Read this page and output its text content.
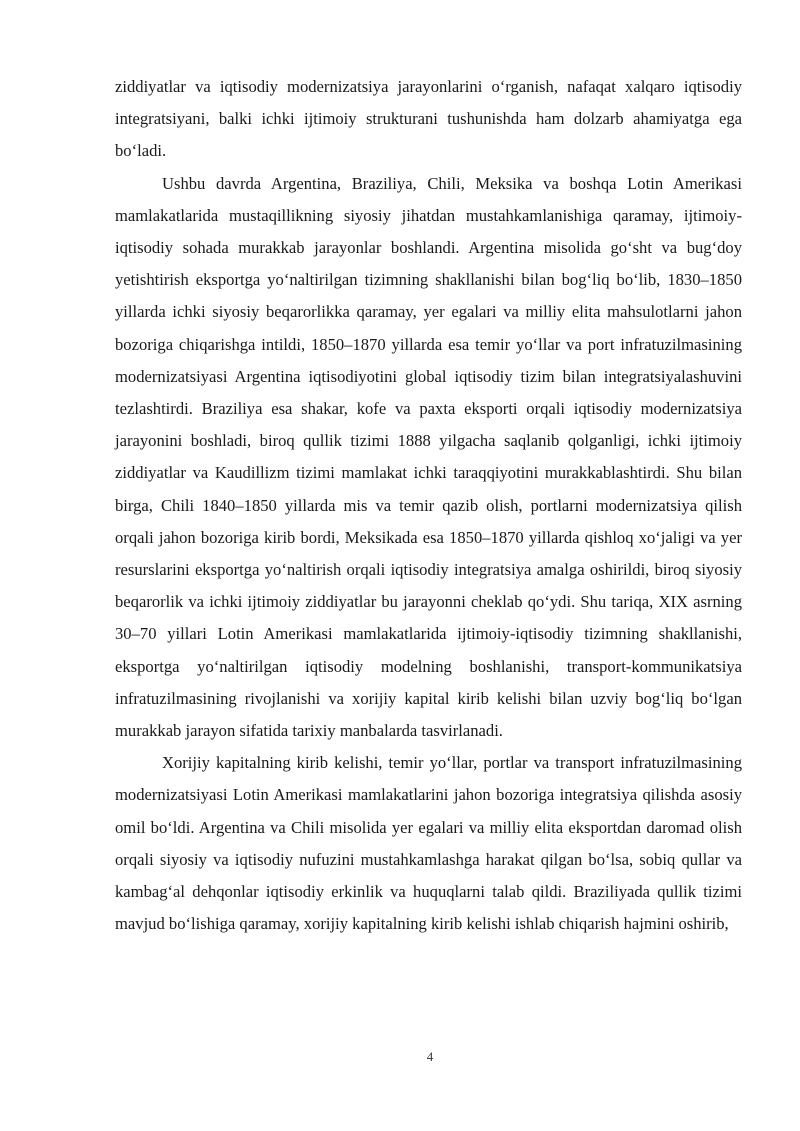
ziddiyatlar va iqtisodiy modernizatsiya jarayonlarini o‘rganish, nafaqat xalqaro iqtisodiy integratsiyani, balki ichki ijtimoiy strukturani tushunishda ham dolzarb ahamiyatga ega bo‘ladi.

Ushbu davrda Argentina, Braziliya, Chili, Meksika va boshqa Lotin Amerikasi mamlakatlarida mustaqillikning siyosiy jihatdan mustahkamlanishiga qaramay, ijtimoiy-iqtisodiy sohada murakkab jarayonlar boshlandi. Argentina misolida go‘sht va bug‘doy yetishtirish eksportga yo‘naltirilgan tizimning shakllanishi bilan bog‘liq bo‘lib, 1830–1850 yillarda ichki siyosiy beqarorlikka qaramay, yer egalari va milliy elita mahsulotlarni jahon bozoriga chiqarishga intildi, 1850–1870 yillarda esa temir yo‘llar va port infratuzilmasining modernizatsiyasi Argentina iqtisodiyotini global iqtisodiy tizim bilan integratsiyalashuvini tezlashtirdi. Braziliya esa shakar, kofe va paxta eksporti orqali iqtisodiy modernizatsiya jarayonini boshladi, biroq qullik tizimi 1888 yilgacha saqlanib qolganligi, ichki ijtimoiy ziddiyatlar va Kaudillizm tizimi mamlakat ichki taraqqiyotini murakkablashtirdi. Shu bilan birga, Chili 1840–1850 yillarda mis va temir qazib olish, portlarni modernizatsiya qilish orqali jahon bozoriga kirib bordi, Meksikada esa 1850–1870 yillarda qishloq xo‘jaligi va yer resurslarini eksportga yo‘naltirish orqali iqtisodiy integratsiya amalga oshirildi, biroq siyosiy beqarorlik va ichki ijtimoiy ziddiyatlar bu jarayonni cheklab qo‘ydi. Shu tariqa, XIX asrning 30–70 yillari Lotin Amerikasi mamlakatlarida ijtimoiy-iqtisodiy tizimning shakllanishi, eksportga yo‘naltirilgan iqtisodiy modelning boshlanishi, transport-kommunikatsiya infratuzilmasining rivojlanishi va xorijiy kapital kirib kelishi bilan uzviy bog‘liq bo‘lgan murakkab jarayon sifatida tarixiy manbalarda tasvirlanadi.

Xorijiy kapitalning kirib kelishi, temir yo‘llar, portlar va transport infratuzilmasining modernizatsiyasi Lotin Amerikasi mamlakatlarini jahon bozoriga integratsiya qilishda asosiy omil bo‘ldi. Argentina va Chili misolida yer egalari va milliy elita eksportdan daromad olish orqali siyosiy va iqtisodiy nufuzini mustahkamlashga harakat qilgan bo‘lsa, sobiq qullar va kambag‘al dehqonlar iqtisodiy erkinlik va huquqlarni talab qildi. Braziliyada qullik tizimi mavjud bo‘lishiga qaramay, xorijiy kapitalning kirib kelishi ishlab chiqarish hajmini oshirib,

4
